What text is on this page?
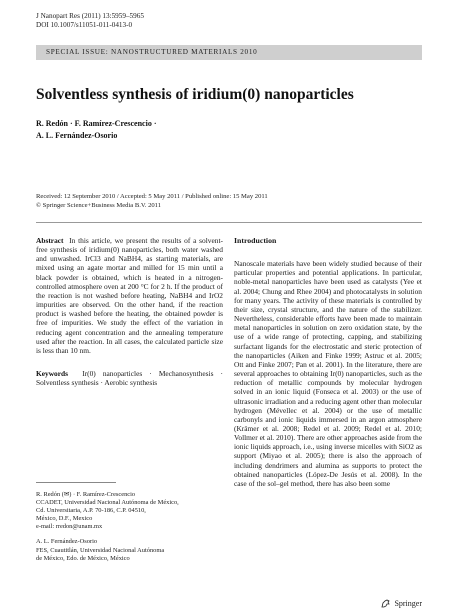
J Nanopart Res (2011) 13:5959–5965
DOI 10.1007/s11051-011-0413-0
SPECIAL ISSUE: NANOSTRUCTURED MATERIALS 2010
Solventless synthesis of iridium(0) nanoparticles
R. Redón · F. Ramírez-Crescencio ·
A. L. Fernández-Osorio
Received: 12 September 2010 / Accepted: 5 May 2011 / Published online: 15 May 2011
© Springer Science+Business Media B.V. 2011

Abstract In this article, we present the results of a solvent-free synthesis of iridium(0) nanoparticles, both water washed and unwashed. IrCl3 and NaBH4, as starting materials, are mixed using an agate mortar and milled for 15 min until a black powder is obtained, which is heated in a nitrogen-controlled atmosphere oven at 200 °C for 2 h. If the product of the reaction is not washed before heating, NaBH4 and IrO2 impurities are observed. On the other hand, if the reaction product is washed before the heating, the obtained powder is free of impurities. We study the effect of the variation in reducing agent concentration and the annealing temperature used after the reaction. In all cases, the calculated particle size is less than 10 nm.

Keywords Ir(0) nanoparticles · Mechanosynthesis · Solventless synthesis · Aerobic synthesis

R. Redón (✉) · F. Ramírez-Crescencio
CCADET, Universidad Nacional Autónoma de México,
Cd. Universitaria, A.P. 70-186, C.P. 04510,
México, D.F., Mexico
e-mail: rredon@unam.mx
A. L. Fernández-Osorio
FES, Cuautitlán, Universidad Nacional Autónoma
de México, Edo. de México, México
Introduction

Nanoscale materials have been widely studied because of their particular properties and potential applications. In particular, noble-metal nanoparticles have been used as catalysts (Yee et al. 2004; Chung and Rhee 2004) and photocatalysts in solution for many years. The activity of these materials is controlled by their size, crystal structure, and the nature of the stabilizer. Nevertheless, considerable efforts have been made to maintain metal nanoparticles in solution on zero oxidation state, by the use of a wide range of protecting, capping, and stabilizing surfactant ligands for the electrostatic and steric protection of the nanoparticles (Aiken and Finke 1999; Astruc et al. 2005; Ott and Finke 2007; Pan et al. 2001). In the literature, there are several approaches to obtaining Ir(0) nanoparticles, such as the reduction of metallic compounds by molecular hydrogen solved in an ionic liquid (Fonseca et al. 2003) or the use of ultrasonic irradiation and a reducing agent other than molecular hydrogen (Mévellec et al. 2004) or the use of metallic carbonyls and ionic liquids immersed in an argon atmosphere (Krämer et al. 2008; Redel et al. 2009; Redel et al. 2010; Vollmer et al. 2010). There are other approaches aside from the ionic liquids approach, i.e., using inverse micelles with SiO2 as support (Miyao et al. 2005); there is also the approach of including dendrimers and alumina as supports to protect the obtained nanoparticles (López-De Jesús et al. 2008). In the case of the sol–gel method, there has also been some

Springer
